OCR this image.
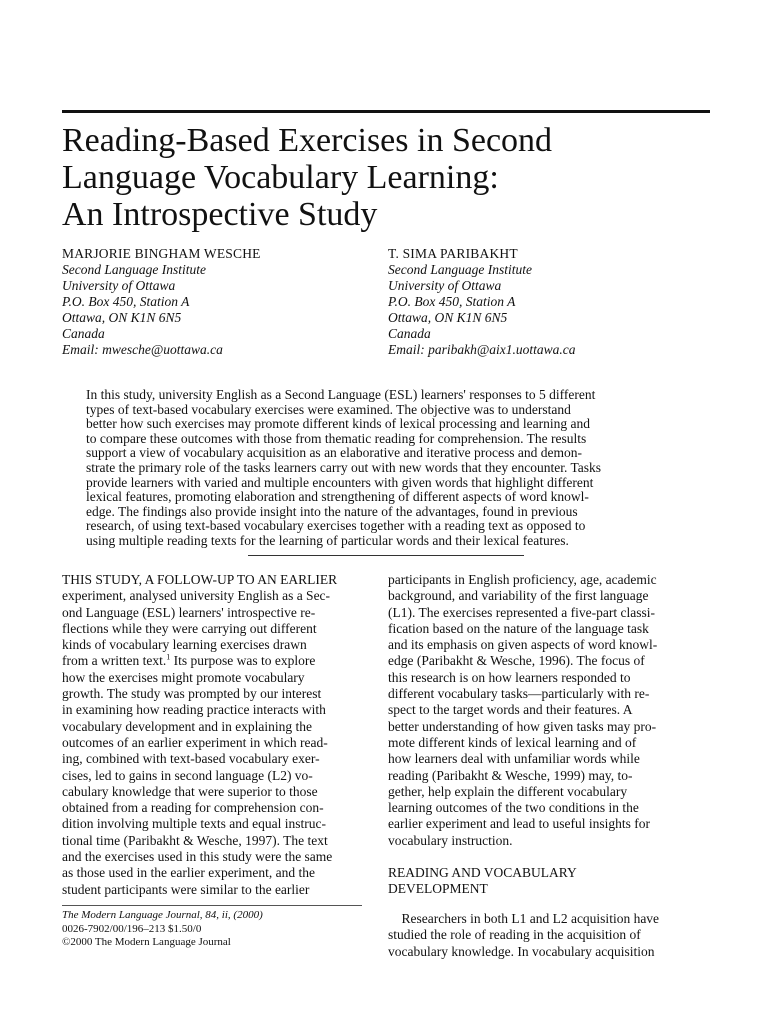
Reading-Based Exercises in Second
Language Vocabulary Learning:
An Introspective Study
MARJORIE BINGHAM WESCHE
Second Language Institute
University of Ottawa
P.O. Box 450, Station A
Ottawa, ON K1N 6N5
Canada
Email: mwesche@uottawa.ca
T. SIMA PARIBAKHT
Second Language Institute
University of Ottawa
P.O. Box 450, Station A
Ottawa, ON K1N 6N5
Canada
Email: paribakh@aix1.uottawa.ca
In this study, university English as a Second Language (ESL) learners' responses to 5 different
types of text-based vocabulary exercises were examined. The objective was to understand
better how such exercises may promote different kinds of lexical processing and learning and
to compare these outcomes with those from thematic reading for comprehension. The results
support a view of vocabulary acquisition as an elaborative and iterative process and demon-
strate the primary role of the tasks learners carry out with new words that they encounter. Tasks
provide learners with varied and multiple encounters with given words that highlight different
lexical features, promoting elaboration and strengthening of different aspects of word knowl-
edge. The findings also provide insight into the nature of the advantages, found in previous
research, of using text-based vocabulary exercises together with a reading text as opposed to
using multiple reading texts for the learning of particular words and their lexical features.
THIS STUDY, A FOLLOW-UP TO AN EARLIER
experiment, analysed university English as a Sec-
ond Language (ESL) learners' introspective re-
flections while they were carrying out different
kinds of vocabulary learning exercises drawn
from a written text.$^1$ Its purpose was to explore
how the exercises might promote vocabulary
growth. The study was prompted by our interest
in examining how reading practice interacts with
vocabulary development and in explaining the
outcomes of an earlier experiment in which read-
ing, combined with text-based vocabulary exer-
cises, led to gains in second language (L2) vo-
cabulary knowledge that were superior to those
obtained from a reading for comprehension con-
dition involving multiple texts and equal instruc-
tional time (Paribakht & Wesche, 1997). The text
and the exercises used in this study were the same
as those used in the earlier experiment, and the
student participants were similar to the earlier
participants in English proficiency, age, academic
background, and variability of the first language
(L1). The exercises represented a five-part classi-
fication based on the nature of the language task
and its emphasis on given aspects of word knowl-
edge (Paribakht & Wesche, 1996). The focus of
this research is on how learners responded to
different vocabulary tasks—particularly with re-
spect to the target words and their features. A
better understanding of how given tasks may pro-
mote different kinds of lexical learning and of
how learners deal with unfamiliar words while
reading (Paribakht & Wesche, 1999) may, to-
gether, help explain the different vocabulary
learning outcomes of the two conditions in the
earlier experiment and lead to useful insights for
vocabulary instruction.
READING AND VOCABULARY
DEVELOPMENT
Researchers in both L1 and L2 acquisition have
studied the role of reading in the acquisition of
vocabulary knowledge. In vocabulary acquisition
The Modern Language Journal, 84, ii, (2000)
0026-7902/00/196–213 $1.50/0
©2000 The Modern Language Journal
